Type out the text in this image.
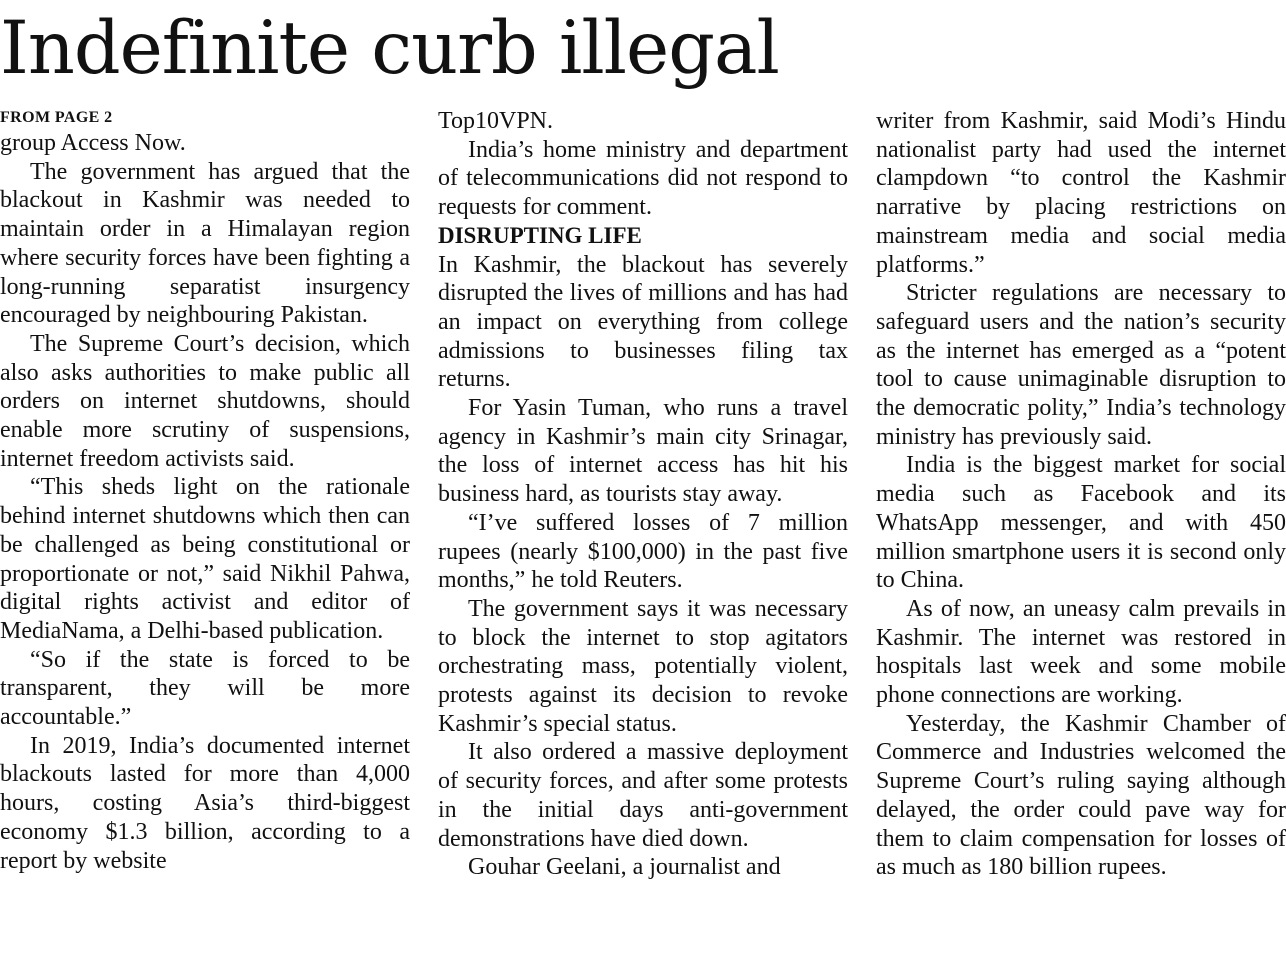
Indefinite curb illegal
FROM PAGE 2

group Access Now.

The government has argued that the blackout in Kashmir was needed to maintain order in a Himalayan region where security forces have been fighting a long-running separatist insurgency encouraged by neighbouring Pakistan.

The Supreme Court’s decision, which also asks authorities to make public all orders on internet shutdowns, should enable more scrutiny of suspensions, internet freedom activists said.

“This sheds light on the rationale behind internet shutdowns which then can be challenged as being constitutional or proportionate or not,” said Nikhil Pahwa, digital rights activist and editor of MediaNama, a Delhi-based publication.

“So if the state is forced to be transparent, they will be more accountable.”

In 2019, India’s documented internet blackouts lasted for more than 4,000 hours, costing Asia’s third-biggest economy $1.3 billion, according to a report by website

Top10VPN.

India’s home ministry and department of telecommunications did not respond to requests for comment.

DISRUPTING LIFE

In Kashmir, the blackout has severely disrupted the lives of millions and has had an impact on everything from college admissions to businesses filing tax returns.

For Yasin Tuman, who runs a travel agency in Kashmir’s main city Srinagar, the loss of internet access has hit his business hard, as tourists stay away.

“I’ve suffered losses of 7 million rupees (nearly $100,000) in the past five months,” he told Reuters.

The government says it was necessary to block the internet to stop agitators orchestrating mass, potentially violent, protests against its decision to revoke Kashmir’s special status.

It also ordered a massive deployment of security forces, and after some protests in the initial days anti-government demonstrations have died down.

Gouhar Geelani, a journalist and

writer from Kashmir, said Modi’s Hindu nationalist party had used the internet clampdown “to control the Kashmir narrative by placing restrictions on mainstream media and social media platforms.”

Stricter regulations are necessary to safeguard users and the nation’s security as the internet has emerged as a “potent tool to cause unimaginable disruption to the democratic polity,” India’s technology ministry has previously said.

India is the biggest market for social media such as Facebook and its WhatsApp messenger, and with 450 million smartphone users it is second only to China.

As of now, an uneasy calm prevails in Kashmir. The internet was restored in hospitals last week and some mobile phone connections are working.

Yesterday, the Kashmir Chamber of Commerce and Industries welcomed the Supreme Court’s ruling saying although delayed, the order could pave way for them to claim compensation for losses of as much as 180 billion rupees.
